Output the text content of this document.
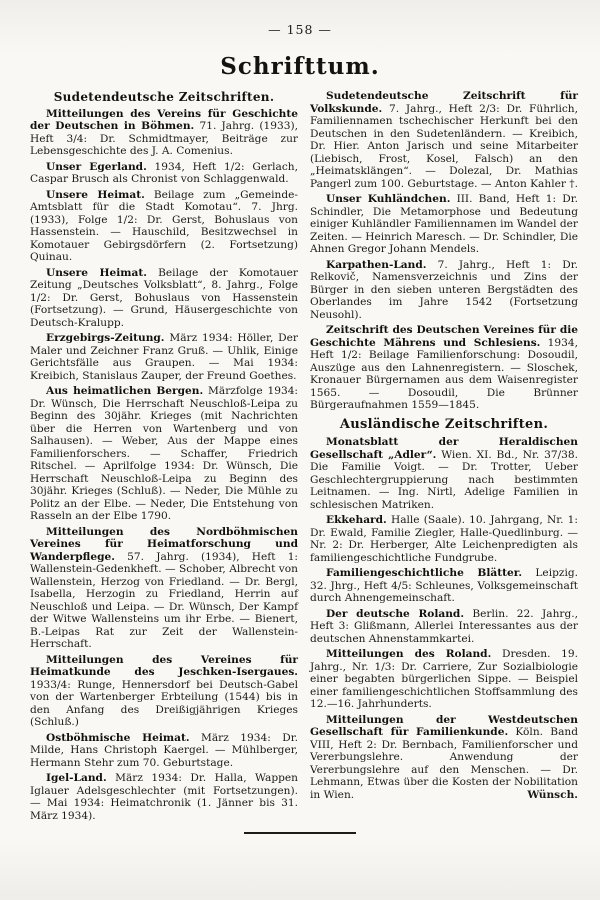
— 158 —
Schrifttum.
Sudetendeutsche Zeitschriften.

Mitteilungen des Vereins für Geschichte der Deutschen in Böhmen. 71. Jahrg. (1933), Heft 3/4: Dr. Schmidtmayer, Beiträge zur Lebensgeschichte des J. A. Comenius.

Unser Egerland. 1934, Heft 1/2: Gerlach, Caspar Brusch als Chronist von Schlaggenwald.

Unsere Heimat. Beilage zum „Gemeinde-Amtsblatt für die Stadt Komotau“. 7. Jhrg. (1933), Folge 1/2: Dr. Gerst, Bohuslaus von Hassenstein. — Hauschild, Besitzwechsel in Komotauer Gebirgsdörfern (2. Fortsetzung) Quinau.

Unsere Heimat. Beilage der Komotauer Zeitung „Deutsches Volksblatt“, 8. Jahrg., Folge 1/2: Dr. Gerst, Bohuslaus von Hassenstein (Fortsetzung). — Grund, Häusergeschichte von Deutsch-Kralupp.

Erzgebirgs-Zeitung. März 1934: Höller, Der Maler und Zeichner Franz Gruß. — Uhlik, Einige Gerichtsfälle aus Graupen. — Mai 1934: Kreibich, Stanislaus Zauper, der Freund Goethes.

Aus heimatlichen Bergen. Märzfolge 1934: Dr. Wünsch, Die Herrschaft Neuschloß-Leipa zu Beginn des 30jähr. Krieges (mit Nachrichten über die Herren von Wartenberg und von Salhausen). — Weber, Aus der Mappe eines Familienforschers. — Schaffer, Friedrich Ritschel. — Aprilfolge 1934: Dr. Wünsch, Die Herrschaft Neuschloß-Leipa zu Beginn des 30jähr. Krieges (Schluß). — Neder, Die Mühle zu Politz an der Elbe. — Neder, Die Entstehung von Rasseln an der Elbe 1790.

Mitteilungen des Nordböhmischen Vereines für Heimatforschung und Wanderpflege. 57. Jahrg. (1934), Heft 1: Wallenstein-Gedenkheft. — Schober, Albrecht von Wallenstein, Herzog von Friedland. — Dr. Bergl, Isabella, Herzogin zu Friedland, Herrin auf Neuschloß und Leipa. — Dr. Wünsch, Der Kampf der Witwe Wallensteins um ihr Erbe. — Bienert, B.-Leipas Rat zur Zeit der Wallenstein-Herrschaft.

Mitteilungen des Vereines für Heimatkunde des Jeschken-Isergaues. 1933/4: Runge, Hennersdorf bei Deutsch-Gabel von der Wartenberger Erbteilung (1544) bis in den Anfang des Dreißigjährigen Krieges (Schluß.)

Ostböhmische Heimat. März 1934: Dr. Milde, Hans Christoph Kaergel. — Mühlberger, Hermann Stehr zum 70. Geburtstage.

Igel-Land. März 1934: Dr. Halla, Wappen Iglauer Adelsgeschlechter (mit Fortsetzungen). — Mai 1934: Heimatchronik (1. Jänner bis 31. März 1934).

Sudetendeutsche Zeitschrift für Volkskunde. 7. Jahrg., Heft 2/3: Dr. Führlich, Familiennamen tschechischer Herkunft bei den Deutschen in den Sudetenländern. — Kreibich, Dr. Hier. Anton Jarisch und seine Mitarbeiter (Liebisch, Frost, Kosel, Falsch) an den „Heimatsklängen“. — Dolezal, Dr. Mathias Pangerl zum 100. Geburtstage. — Anton Kahler †.

Unser Kuhländchen. III. Band, Heft 1: Dr. Schindler, Die Metamorphose und Bedeutung einiger Kuhländler Familiennamen im Wandel der Zeiten. — Heinrich Maresch. — Dr. Schindler, Die Ahnen Gregor Johann Mendels.

Karpathen-Land. 7. Jahrg., Heft 1: Dr. Relkovič, Namensverzeichnis und Zins der Bürger in den sieben unteren Bergstädten des Oberlandes im Jahre 1542 (Fortsetzung Neusohl).

Zeitschrift des Deutschen Vereines für die Geschichte Mährens und Schlesiens. 1934, Heft 1/2: Beilage Familienforschung: Dosoudil, Auszüge aus den Lahnenregistern. — Sloschek, Kronauer Bürgernamen aus dem Waisenregister 1565. — Dosoudil, Die Brünner Bürgeraufnahmen 1559—1845.

Ausländische Zeitschriften.

Monatsblatt der Heraldischen Gesellschaft „Adler“. Wien. XI. Bd., Nr. 37/38. Die Familie Voigt. — Dr. Trotter, Ueber Geschlechtergruppierung nach bestimmten Leitnamen. — Ing. Nirtl, Adelige Familien in schlesischen Matriken.

Ekkehard. Halle (Saale). 10. Jahrgang, Nr. 1: Dr. Ewald, Familie Ziegler, Halle-Quedlinburg. — Nr. 2: Dr. Herberger, Alte Leichenpredigten als familiengeschichtliche Fundgrube.

Familiengeschichtliche Blätter. Leipzig. 32. Jhrg., Heft 4/5: Schleunes, Volksgemeinschaft durch Ahnengemeinschaft.

Der deutsche Roland. Berlin. 22. Jahrg., Heft 3: Glißmann, Allerlei Interessantes aus der deutschen Ahnenstammkartei.

Mitteilungen des Roland. Dresden. 19. Jahrg., Nr. 1/3: Dr. Carriere, Zur Sozialbiologie einer begabten bürgerlichen Sippe. — Beispiel einer familiengeschichtlichen Stoffsammlung des 12.—16. Jahrhunderts.

Mitteilungen der Westdeutschen Gesellschaft für Familienkunde. Köln. Band VIII, Heft 2: Dr. Bernbach, Familienforscher und Vererbungslehre. Anwendung der Vererbungslehre auf den Menschen. — Dr. Lehmann, Etwas über die Kosten der Nobilitation in Wien.	Wünsch.
